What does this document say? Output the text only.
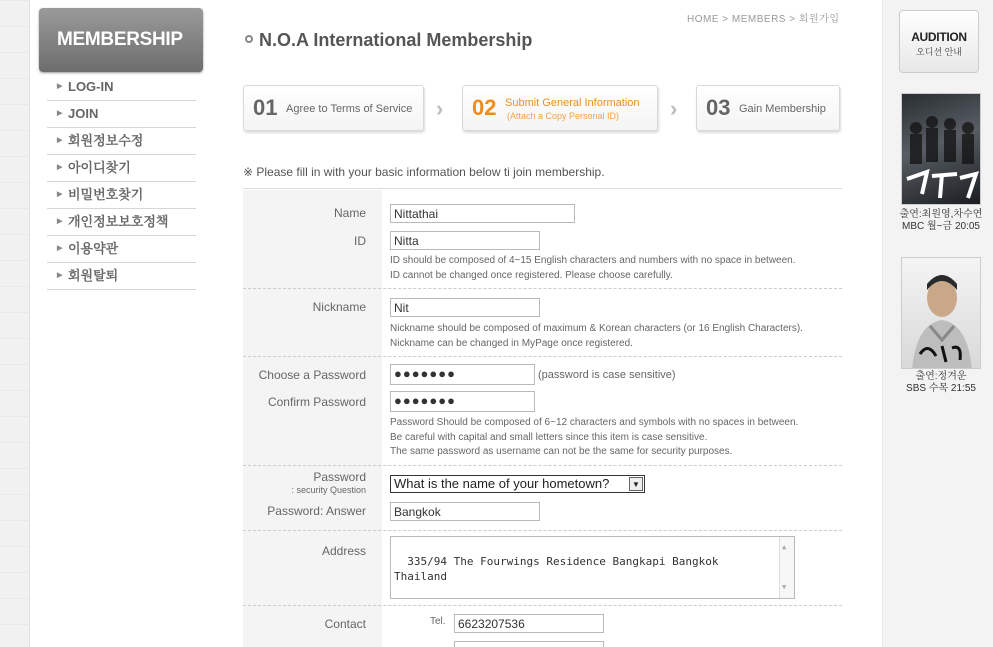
MEMBERSHIP
▶ LOG-IN
▶ JOIN
▶ 회원정보수정
▶ 아이디찾기
▶ 비밀번호찾기
▶ 개인정보보호정책
▶ 이용약관
▶ 회원탈퇴
HOME > MEMBERS > 회원가입
N.O.A International Membership
01 Agree to Terms of Service › 02 Submit General Information
(Attach a Copy Personal ID) › 03 Gain Membership
※ Please fill in with your basic information below ti join membership.
Name	Nittathai
ID	Nitta
ID should be composed of 4~15 English characters and numbers with no space in between.
ID cannot be changed once registered. Please choose carefully.
Nickname	Nit
Nickname should be composed of maximum & Korean characters (or 16 English Characters).
Nickname can be changed in MyPage once registered.
Choose a Password	●●●●●●●	(password is case sensitive)
Confirm Password	●●●●●●●
Password Should be composed of 6~12 characters and symbols with no spaces in between.
Be careful with capital and small letters since this item is case sensitive.
The same password as username can not be the same for security purposes.
Password
: security Question	What is the name of your hometown?	▼
Password: Answer	Bangkok
Address

335/94 The Fourwings Residence Bangkapi Bangkok
Thailand

▲
▼

Contact	Tel.	6623207536
AUDITION
오디션 안내
출연:최원영,차수연
MBC 월~금 20:05
출연:정겨운
SBS 수목 21:55
